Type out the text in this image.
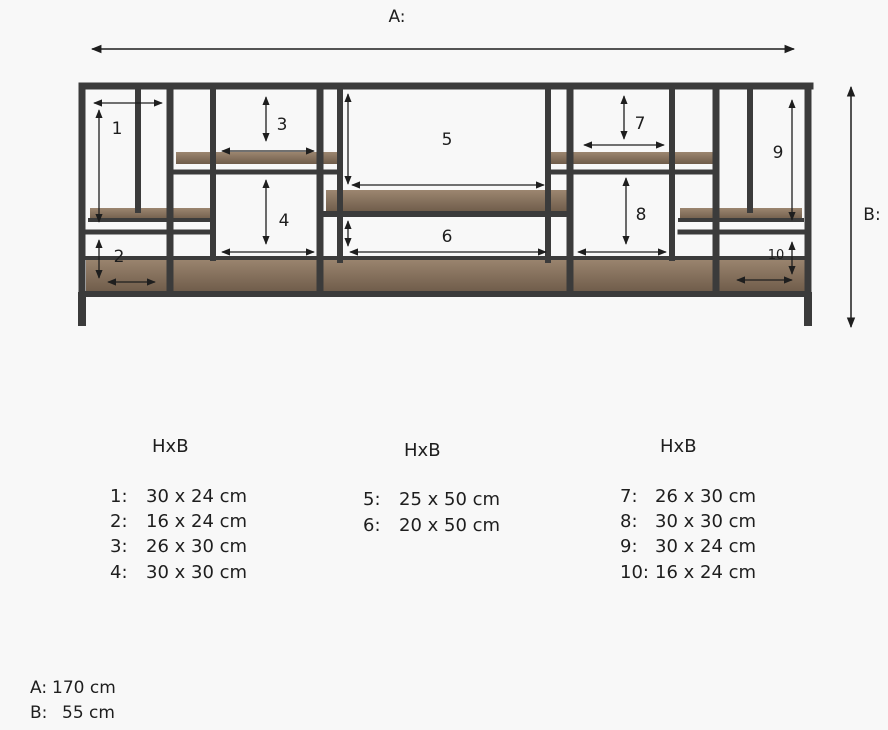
A:
B:
1
2
3
4
5
6
7
8
9
10
HxB
1: 30 x 24 cm
2: 16 x 24 cm
3: 26 x 30 cm
4: 30 x 30 cm
HxB
5: 25 x 50 cm
6: 20 x 50 cm
HxB
7: 26 x 30 cm
8: 30 x 30 cm
9: 30 x 24 cm
10: 16 x 24 cm
A: 170 cm
B: 55 cm
